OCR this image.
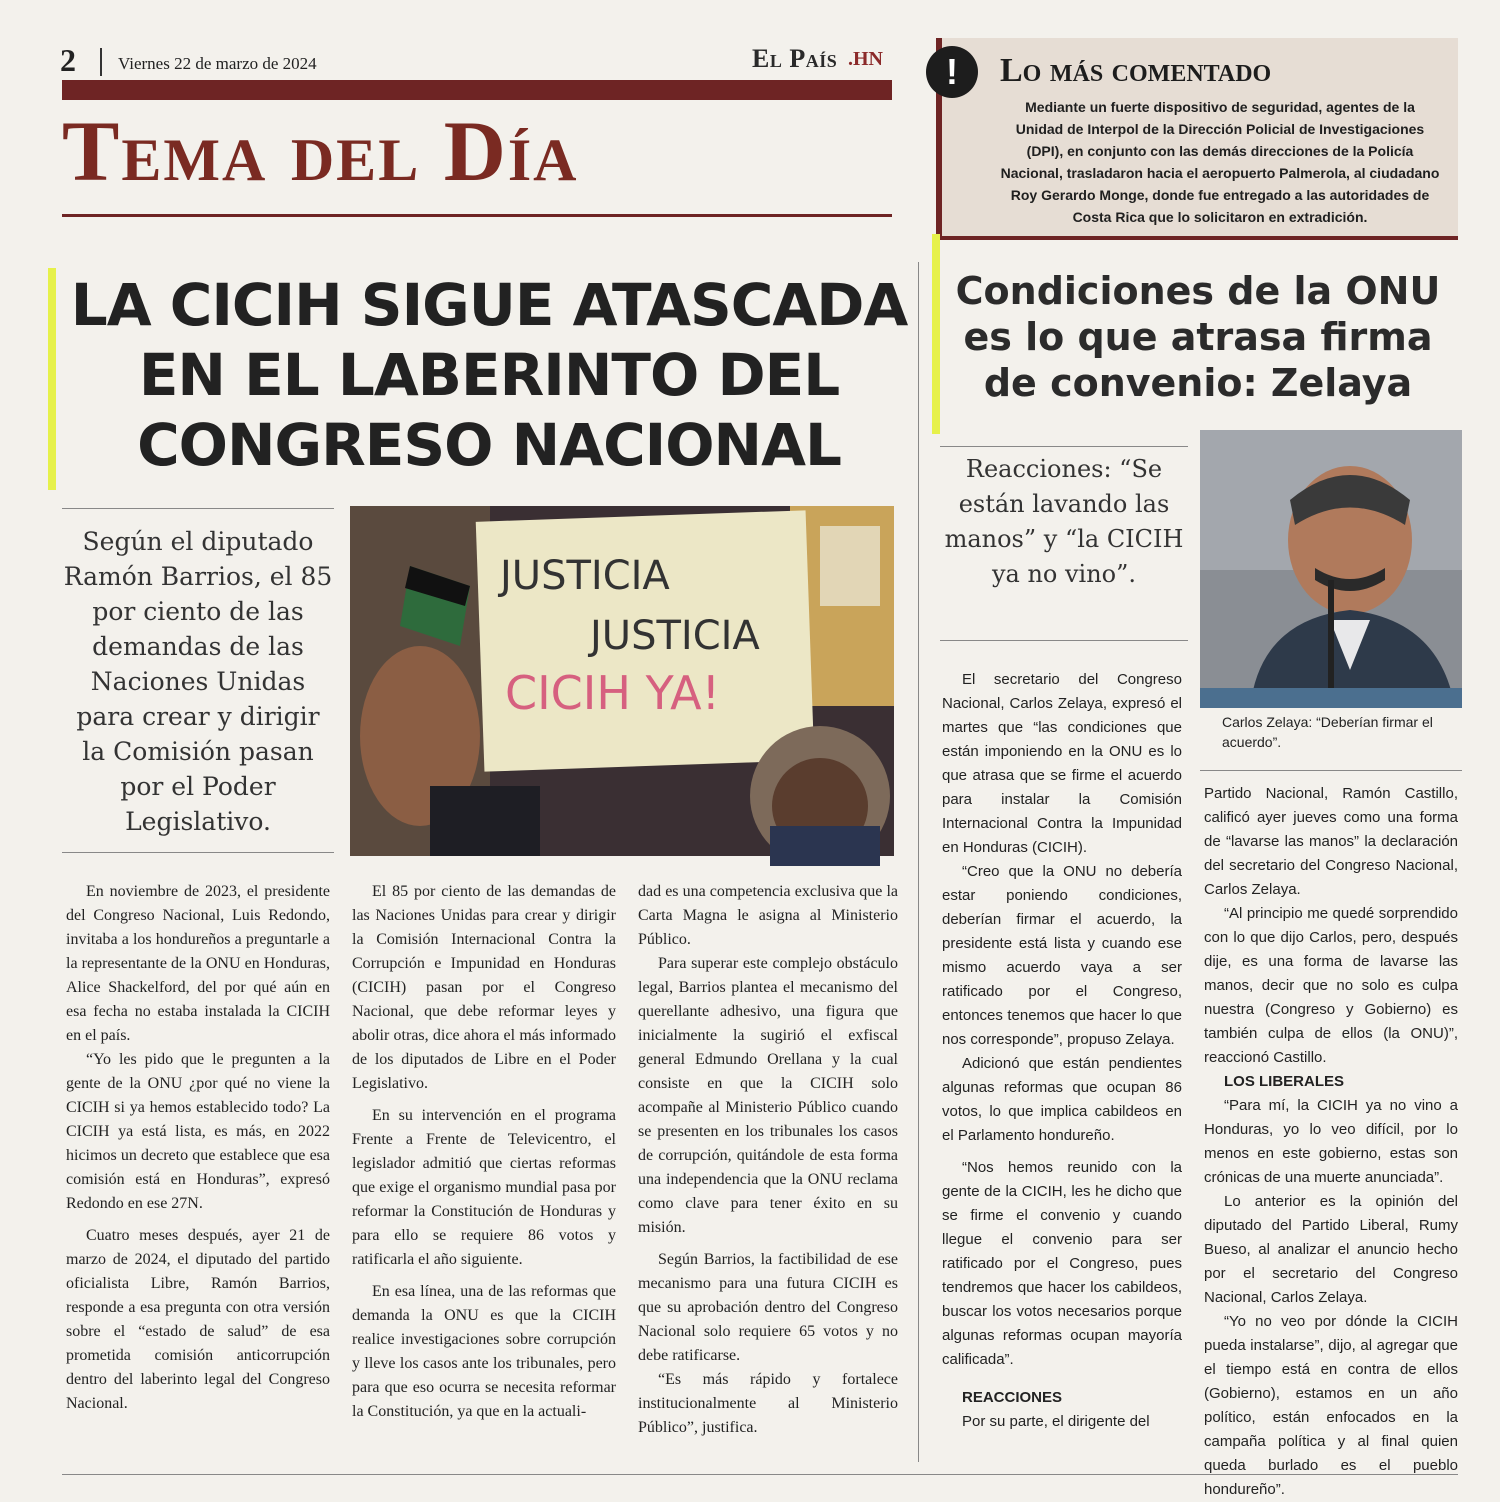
2 Viernes 22 de marzo de 2024	El País .HN
Tema del Día
!	Lo más comentado
Mediante un fuerte dispositivo de seguridad, agentes de la Unidad de Interpol de la Dirección Policial de Investigaciones (DPI), en conjunto con las demás direcciones de la Policía Nacional, trasladaron hacia el aeropuerto Palmerola, al ciudadano Roy Gerardo Monge, donde fue entregado a las autoridades de Costa Rica que lo solicitaron en extradición.
LA CICIH SIGUE ATASCADA EN EL LABERINTO DEL CONGRESO NACIONAL
Según el diputado Ramón Barrios, el 85 por ciento de las demandas de las Naciones Unidas para crear y dirigir la Comisión pasan por el Poder Legislativo.
JUSTICIA
JUSTICIA
CICIH YA!

En noviembre de 2023, el presidente del Congreso Nacional, Luis Redondo, invitaba a los hondureños a preguntarle a la representante de la ONU en Honduras, Alice Shackelford, del por qué aún en esa fecha no estaba instalada la CICIH en el país.

“Yo les pido que le pregunten a la gente de la ONU ¿por qué no viene la CICIH si ya hemos establecido todo? La CICIH ya está lista, es más, en 2022 hicimos un decreto que establece que esa comisión está en Honduras”, expresó Redondo en ese 27N.

Cuatro meses después, ayer 21 de marzo de 2024, el diputado del partido oficialista Libre, Ramón Barrios, responde a esa pregunta con otra versión sobre el “estado de salud” de esa prometida comisión anticorrupción dentro del laberinto legal del Congreso Nacional.

El 85 por ciento de las demandas de las Naciones Unidas para crear y dirigir la Comisión Internacional Contra la Corrupción e Impunidad en Honduras (CICIH) pasan por el Congreso Nacional, que debe reformar leyes y abolir otras, dice ahora el más informado de los diputados de Libre en el Poder Legislativo.

En su intervención en el programa Frente a Frente de Televicentro, el legislador admitió que ciertas reformas que exige el organismo mundial pasa por reformar la Constitución de Honduras y para ello se requiere 86 votos y ratificarla el año siguiente.

En esa línea, una de las reformas que demanda la ONU es que la CICIH realice investigaciones sobre corrupción y lleve los casos ante los tribunales, pero para que eso ocurra se necesita reformar la Constitución, ya que en la actuali-

dad es una competencia exclusiva que la Carta Magna le asigna al Ministerio Público.

Para superar este complejo obstáculo legal, Barrios plantea el mecanismo del querellante adhesivo, una figura que inicialmente la sugirió el exfiscal general Edmundo Orellana y la cual consiste en que la CICIH solo acompañe al Ministerio Público cuando se presenten en los tribunales los casos de corrupción, quitándole de esta forma una independencia que la ONU reclama como clave para tener éxito en su misión.

Según Barrios, la factibilidad de ese mecanismo para una futura CICIH es que su aprobación dentro del Congreso Nacional solo requiere 65 votos y no debe ratificarse.

“Es más rápido y fortalece institucionalmente al Ministerio Público”, justifica.

Condiciones de la ONU es lo que atrasa firma de convenio: Zelaya
Reacciones: “Se están lavando las manos” y “la CICIH ya no vino”.
Carlos Zelaya: “Deberían firmar el acuerdo”.

El secretario del Congreso Nacional, Carlos Zelaya, expresó el martes que “las condiciones que están imponiendo en la ONU es lo que atrasa que se firme el acuerdo para instalar la Comisión Internacional Contra la Impunidad en Honduras (CICIH).

“Creo que la ONU no debería estar poniendo condiciones, deberían firmar el acuerdo, la presidente está lista y cuando ese mismo acuerdo vaya a ser ratificado por el Congreso, entonces tenemos que hacer lo que nos corresponde”, propuso Zelaya.

Adicionó que están pendientes algunas reformas que ocupan 86 votos, lo que implica cabildeos en el Parlamento hondureño.

“Nos hemos reunido con la gente de la CICIH, les he dicho que se firme el convenio y cuando llegue el convenio para ser ratificado por el Congreso, pues tendremos que hacer los cabildeos, buscar los votos necesarios porque algunas reformas ocupan mayoría calificada”.

REACCIONES

Por su parte, el dirigente del

Partido Nacional, Ramón Castillo, calificó ayer jueves como una forma de “lavarse las manos” la declaración del secretario del Congreso Nacional, Carlos Zelaya.

“Al principio me quedé sorprendido con lo que dijo Carlos, pero, después dije, es una forma de lavarse las manos, decir que no solo es culpa nuestra (Congreso y Gobierno) es también culpa de ellos (la ONU)”, reaccionó Castillo.

LOS LIBERALES

“Para mí, la CICIH ya no vino a Honduras, yo lo veo difícil, por lo menos en este gobierno, estas son crónicas de una muerte anunciada”.

Lo anterior es la opinión del diputado del Partido Liberal, Rumy Bueso, al analizar el anuncio hecho por el secretario del Congreso Nacional, Carlos Zelaya.

“Yo no veo por dónde la CICIH pueda instalarse”, dijo, al agregar que el tiempo está en contra de ellos (Gobierno), estamos en un año político, están enfocados en la campaña política y al final quien queda burlado es el pueblo hondureño”.
